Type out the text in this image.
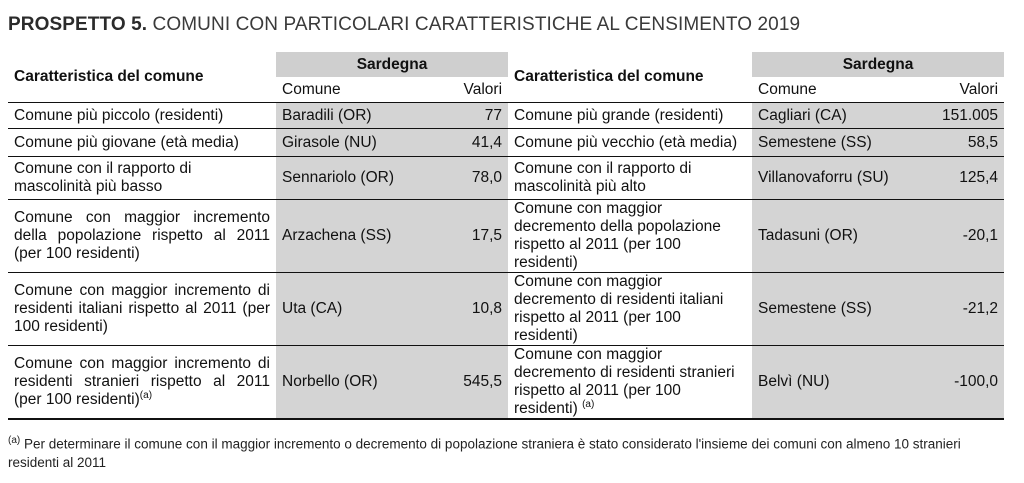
PROSPETTO 5. COMUNI CON PARTICOLARI CARATTERISTICHE AL CENSIMENTO 2019
Caratteristica del comune	Sardegna		Caratteristica del comune	Sardegna	
	Comune	Valori		Comune	Valori
Comune più piccolo (residenti)	Baradili (OR)	77	Comune più grande (residenti)	Cagliari (CA)	151.005
Comune più giovane (età media)	Girasole (NU)	41,4	Comune più vecchio (età media)	Semestene (SS)	58,5
Comune con il rapporto di mascolinità più basso	Sennariolo (OR)	78,0	Comune con il rapporto di mascolinità più alto	Villanovaforru (SU)	125,4
Comune con maggior incremento della popolazione rispetto al 2011 (per 100 residenti)	Arzachena (SS)	17,5	Comune con maggior decremento della popolazione rispetto al 2011 (per 100 residenti)	Tadasuni (OR)	-20,1
Comune con maggior incremento di residenti italiani rispetto al 2011 (per 100 residenti)	Uta (CA)	10,8	Comune con maggior decremento di residenti italiani rispetto al 2011 (per 100 residenti)	Semestene (SS)	-21,2
Comune con maggior incremento di residenti stranieri rispetto al 2011 (per 100 residenti)$^{(a)}$	Norbello (OR)	545,5	Comune con maggior decremento di residenti stranieri rispetto al 2011 (per 100 residenti) $^{(a)}$	Belvì (NU)	-100,0
$^{(a)}$ Per determinare il comune con il maggior incremento o decremento di popolazione straniera è stato considerato l'insieme dei comuni con almeno 10 stranieri residenti al 2011
